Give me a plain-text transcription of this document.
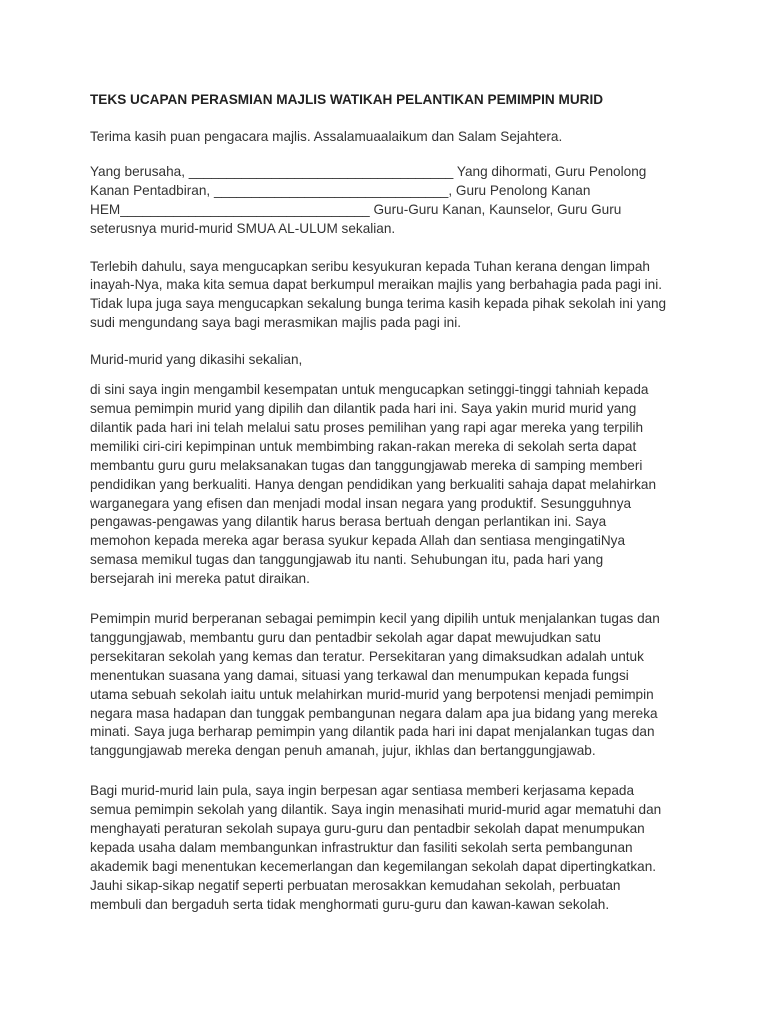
TEKS UCAPAN PERASMIAN MAJLIS WATIKAH PELANTIKAN PEMIMPIN MURID
Terima kasih puan pengacara majlis. Assalamuaalaikum dan Salam Sejahtera.
Yang berusaha, ___________________________________ Yang dihormati, Guru Penolong
Kanan Pentadbiran, _______________________________, Guru Penolong Kanan
HEM_________________________________ Guru-Guru Kanan, Kaunselor, Guru Guru
seterusnya murid-murid SMUA AL-ULUM sekalian.
Terlebih dahulu, saya mengucapkan seribu kesyukuran kepada Tuhan kerana dengan limpah
inayah-Nya, maka kita semua dapat berkumpul meraikan majlis yang berbahagia pada pagi ini.
Tidak lupa juga saya mengucapkan sekalung bunga terima kasih kepada pihak sekolah ini yang
sudi mengundang saya bagi merasmikan majlis pada pagi ini.
Murid-murid yang dikasihi sekalian,
di sini saya ingin mengambil kesempatan untuk mengucapkan setinggi-tinggi tahniah kepada
semua pemimpin murid yang dipilih dan dilantik pada hari ini. Saya yakin murid murid yang
dilantik pada hari ini telah melalui satu proses pemilihan yang rapi agar mereka yang terpilih
memiliki ciri-ciri kepimpinan untuk membimbing rakan-rakan mereka di sekolah serta dapat
membantu guru guru melaksanakan tugas dan tanggungjawab mereka di samping memberi
pendidikan yang berkualiti. Hanya dengan pendidikan yang berkualiti sahaja dapat melahirkan
warganegara yang efisen dan menjadi modal insan negara yang produktif. Sesungguhnya
pengawas-pengawas yang dilantik harus berasa bertuah dengan perlantikan ini. Saya
memohon kepada mereka agar berasa syukur kepada Allah dan sentiasa mengingatiNya
semasa memikul tugas dan tanggungjawab itu nanti. Sehubungan itu, pada hari yang
bersejarah ini mereka patut diraikan.
Pemimpin murid berperanan sebagai pemimpin kecil yang dipilih untuk menjalankan tugas dan
tanggungjawab, membantu guru dan pentadbir sekolah agar dapat mewujudkan satu
persekitaran sekolah yang kemas dan teratur. Persekitaran yang dimaksudkan adalah untuk
menentukan suasana yang damai, situasi yang terkawal dan menumpukan kepada fungsi
utama sebuah sekolah iaitu untuk melahirkan murid-murid yang berpotensi menjadi pemimpin
negara masa hadapan dan tunggak pembangunan negara dalam apa jua bidang yang mereka
minati. Saya juga berharap pemimpin yang dilantik pada hari ini dapat menjalankan tugas dan
tanggungjawab mereka dengan penuh amanah, jujur, ikhlas dan bertanggungjawab.
Bagi murid-murid lain pula, saya ingin berpesan agar sentiasa memberi kerjasama kepada
semua pemimpin sekolah yang dilantik. Saya ingin menasihati murid-murid agar mematuhi dan
menghayati peraturan sekolah supaya guru-guru dan pentadbir sekolah dapat menumpukan
kepada usaha dalam membangunkan infrastruktur dan fasiliti sekolah serta pembangunan
akademik bagi menentukan kecemerlangan dan kegemilangan sekolah dapat dipertingkatkan.
Jauhi sikap-sikap negatif seperti perbuatan merosakkan kemudahan sekolah, perbuatan
membuli dan bergaduh serta tidak menghormati guru-guru dan kawan-kawan sekolah.
